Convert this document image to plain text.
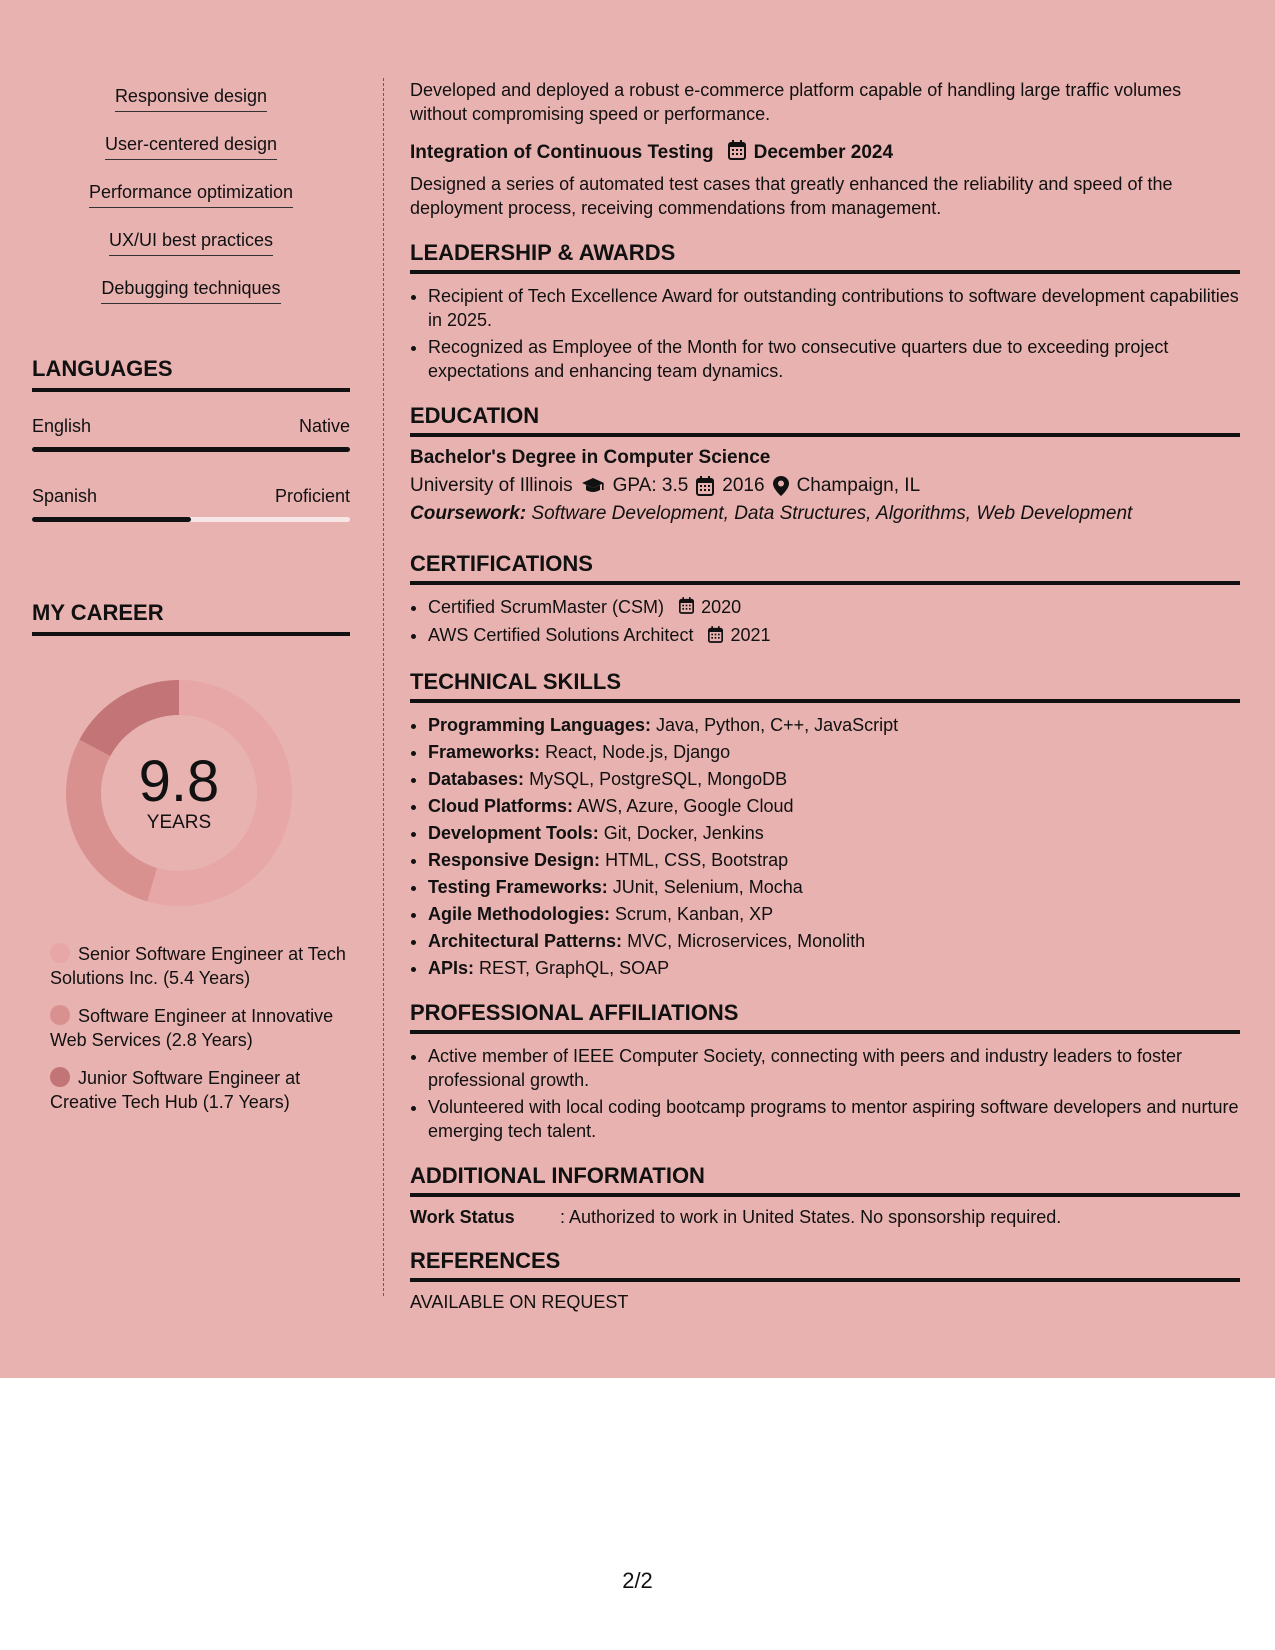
Responsive design
User-centered design
Performance optimization
UX/UI best practices
Debugging techniques
LANGUAGES
English	Native
Spanish	Proficient
MY CAREER
9.8
YEARS
Senior Software Engineer at Tech Solutions Inc. (5.4 Years)
Software Engineer at Innovative Web Services (2.8 Years)
Junior Software Engineer at Creative Tech Hub (1.7 Years)

Developed and deployed a robust e-commerce platform capable of handling large traffic volumes without compromising speed or performance.

Integration of Continuous Testing December 2024

Designed a series of automated test cases that greatly enhanced the reliability and speed of the deployment process, receiving commendations from management.

LEADERSHIP & AWARDS
• Recipient of Tech Excellence Award for outstanding contributions to software development capabilities in 2025.
• Recognized as Employee of the Month for two consecutive quarters due to exceeding project expectations and enhancing team dynamics.
EDUCATION
Bachelor's Degree in Computer Science
University of Illinois GPA: 3.5 2016 Champaign, IL
Coursework: Software Development, Data Structures, Algorithms, Web Development
CERTIFICATIONS
• Certified ScrumMaster (CSM) 2020
• AWS Certified Solutions Architect 2021
TECHNICAL SKILLS
• Programming Languages: Java, Python, C++, JavaScript
• Frameworks: React, Node.js, Django
• Databases: MySQL, PostgreSQL, MongoDB
• Cloud Platforms: AWS, Azure, Google Cloud
• Development Tools: Git, Docker, Jenkins
• Responsive Design: HTML, CSS, Bootstrap
• Testing Frameworks: JUnit, Selenium, Mocha
• Agile Methodologies: Scrum, Kanban, XP
• Architectural Patterns: MVC, Microservices, Monolith
• APIs: REST, GraphQL, SOAP
PROFESSIONAL AFFILIATIONS
• Active member of IEEE Computer Society, connecting with peers and industry leaders to foster professional growth.
• Volunteered with local coding bootcamp programs to mentor aspiring software developers and nurture emerging tech talent.
ADDITIONAL INFORMATION
Work Status	: Authorized to work in United States. No sponsorship required.
REFERENCES
AVAILABLE ON REQUEST
2/2
